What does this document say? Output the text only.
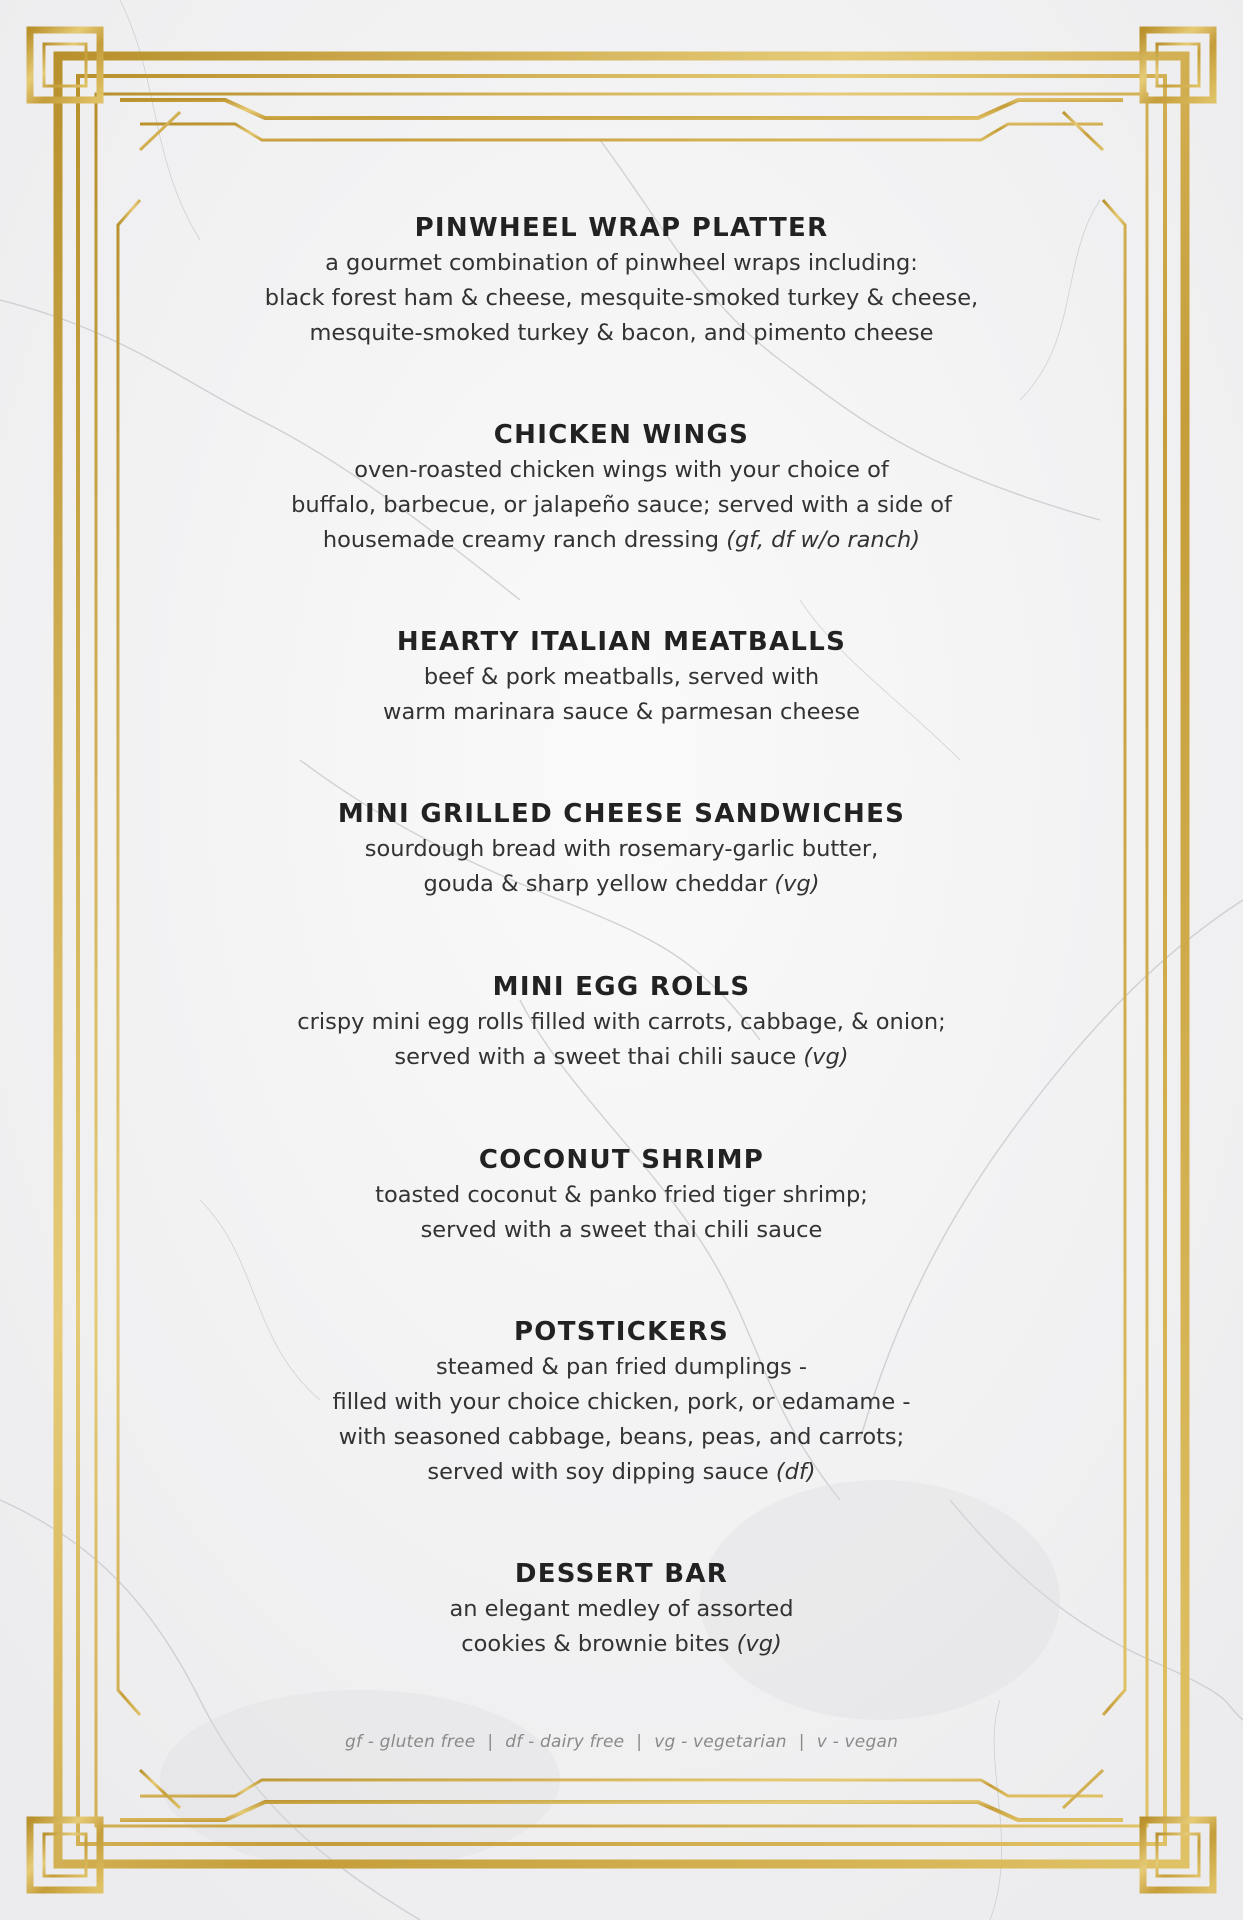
PINWHEEL WRAP PLATTER

a gourmet combination of pinwheel wraps including:

black forest ham & cheese, mesquite-smoked turkey & cheese,

mesquite-smoked turkey & bacon, and pimento cheese

CHICKEN WINGS

oven-roasted chicken wings with your choice of

buffalo, barbecue, or jalapeño sauce; served with a side of

housemade creamy ranch dressing (gf, df w/o ranch)

HEARTY ITALIAN MEATBALLS

beef & pork meatballs, served with

warm marinara sauce & parmesan cheese

MINI GRILLED CHEESE SANDWICHES

sourdough bread with rosemary-garlic butter,

gouda & sharp yellow cheddar (vg)

MINI EGG ROLLS

crispy mini egg rolls filled with carrots, cabbage, & onion;

served with a sweet thai chili sauce (vg)

COCONUT SHRIMP

toasted coconut & panko fried tiger shrimp;

served with a sweet thai chili sauce

POTSTICKERS

steamed & pan fried dumplings -

filled with your choice chicken, pork, or edamame -

with seasoned cabbage, beans, peas, and carrots;

served with soy dipping sauce (df)

DESSERT BAR

an elegant medley of assorted

cookies & brownie bites (vg)

gf - gluten free | df - dairy free | vg - vegetarian | v - vegan
